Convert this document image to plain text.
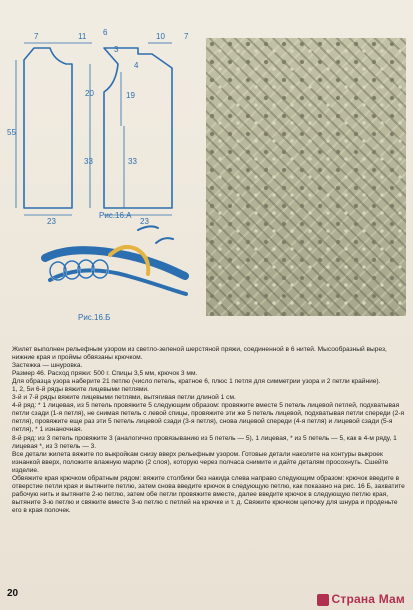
7	11	10 7
4
20	19
55
33	33
23	23
6
3
Рис.16.А
Рис.16.Б

Жилет выполнен рельефным узором из светло-зеленой шерстяной пряжи, соединенной в 6 нитей. Мысообразный вырез, нижние края и проймы обвязаны крючком.

Застежка — шнуровка.

Размер 46. Расход пряжи: 500 г. Спицы 3,5 мм, крючок 3 мм.

Для образца узора наберите 21 петлю (число петель, кратное 6, плюс 1 петля для симметрии узора и 2 петли крайние).

1, 2, 5и 6-й ряды вяжите лицевыми петлями.

3-й и 7-й ряды вяжите лицевыми петлями, вытягивая петли длиной 1 см.

4-й ряд: * 1 лицевая, из 5 петель провяжите 5 следующим образом: провяжите вместе 5 петель лицевой петлей, подхватывая петли сзади (1-я петля), не снимая петель с левой спицы, провяжите эти же 5 петель лицевой, подхватывая петли спереди (2-я петля), провяжите еще раз эти 5 петель лицевой сзади (3-я петля), снова лицевой спереди (4-я петля) и лицевой сзади (5-я петля), * 1 изнаночная.

8-й ряд: из 3 петель провяжите 3 (аналогично провязыванию из 5 петель — 5), 1 лицевая, * из 5 петель — 5, как в 4-м ряду, 1 лицевая *, из 3 петель — 3.

Все детали жилета вяжите по выкройкам снизу вверх рельефным узором. Готовые детали наколите на контуры выкроек изнанкой вверх, положите влажную марлю (2 слоя), которую через полчаса снимите и дайте деталям просохнуть. Сшейте изделие.

Обвяжите края крючком обратным рядом: вяжите столбики без накида слева направо следующим образом: крючок введите в отверстие петли края и вытяните петлю, затем снова введите крючок в следующую петлю, как показано на рис. 16 Б, захватите рабочую нить и вытяните 2-ю петлю, затем обе петли провяжите вместе, далее введите крючок в следующую петлю края, вытяните 3-ю петлю и свяжите вместе 3-ю петлю с петлей на крючке и т. д. Свяжите крючком цепочку для шнура и проденьте его в края полочек.

20	Страна Мам
